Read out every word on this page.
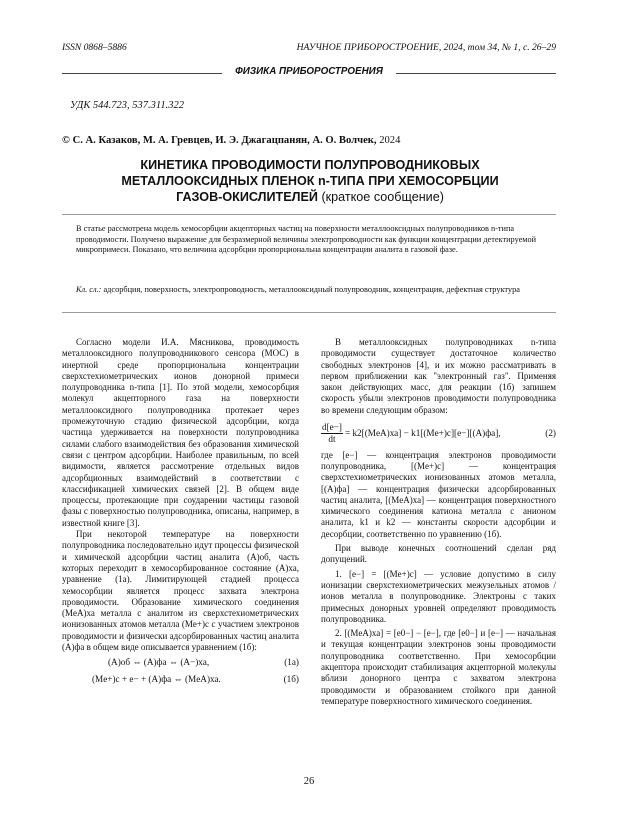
ISSN 0868–5886	НАУЧНОЕ ПРИБОРОСТРОЕНИЕ, 2024, том 34, № 1, с. 26–29
ФИЗИКА ПРИБОРОСТРОЕНИЯ
УДК 544.723, 537.311.322
© С. А. Казаков, М. А. Гревцев, И. Э. Джагацпанян, А. О. Волчек, 2024
КИНЕТИКА ПРОВОДИМОСТИ ПОЛУПРОВОДНИКОВЫХ
МЕТАЛЛООКСИДНЫХ ПЛЕНОК n-ТИПА ПРИ ХЕМОСОРБЦИИ
ГАЗОВ-ОКИСЛИТЕЛЕЙ (краткое сообщение)
В статье рассмотрена модель хемосорбции акцепторных частиц на поверхности металлооксидных полупроводников n-типа проводимости. Получено выражение для безразмерной величины электропроводности как функции концентрации детектируемой микропримеси. Показано, что величина адсорбции пропорциональна концентрации аналита в газовой фазе.
Кл. сл.: адсорбция, поверхность, электропроводность, металлооксидный полупроводник, концентрация, дефектная структура

Согласно модели И.А. Мясникова, проводимость металлооксидного полупроводникового сенсора (МОС) в инертной среде пропорциональна концентрации сверхстехиометрических ионов донорной примеси полупроводника n-типа [1]. По этой модели, хемосорбция молекул акцепторного газа на поверхности металлооксидного полупроводника протекает через промежуточную стадию физической адсорбции, когда частица удерживается на поверхности полупроводника силами слабого взаимодействия без образования химической связи с центром адсорбции. Наиболее правильным, по всей видимости, является рассмотрение отдельных видов адсорбционных взаимодействий в соответствии с классификацией химических связей [2]. В общем виде процессы, протекающие при соударении частицы газовой фазы с поверхностью полупроводника, описаны, например, в известной книге [3].

При некоторой температуре на поверхности полупроводника последовательно идут процессы физической и химической адсорбции частиц аналита (A)об, часть которых переходит в хемосорбированное состояние (A)ха, уравнение (1а). Лимитирующей стадией процесса хемосорбции является процесс захвата электрона проводимости. Образование химического соединения (MeA)ха металла с аналитом из сверхстехиометрических ионизованных атомов металла (Me+)с с участием электронов проводимости и физически адсорбированных частиц аналита (A)фа в общем виде описывается уравнением (1б):

(A)об ⇔ (A)фа ⇔ (A−)ха,	(1а)
(Me+)с + e− + (A)фа ⇔ (MeA)ха.	(1б)

В металлооксидных полупроводниках n-типа проводимости существует достаточное количество свободных электронов [4], и их можно рассматривать в первом приближении как "электронный газ". Применяя закон действующих масс, для реакции (1б) запишем скорость убыли электронов проводимости полупроводника во времени следующим образом:

$\frac{d[e-]}{dt} = k2[(MeA)ха] - k1[(Me+)с][e-][(A)фа]$,	(2)

где [e−] — концентрация электронов проводимости полупроводника, [(Me+)с] — концентрация сверхстехиометрических ионизованных атомов металла, [(A)фа] — концентрация физически адсорбированных частиц аналита, [(MeA)ха] — концентрация поверхностного химического соединения катиона металла с анионом аналита, k1 и k2 — константы скорости адсорбции и десорбции, соответственно по уравнению (1б).

При выводе конечных соотношений сделан ряд допущений.

1. [e−] = [(Me+)с] — условие допустимо в силу ионизации сверхстехиометрических межузельных атомов / ионов металла в полупроводнике. Электроны с таких примесных донорных уровней определяют проводимость полупроводника.

2. [(MeA)ха] = [e0−] − [e−], где [e0−] и [e−] — начальная и текущая концентрации электронов зоны проводимости полупроводника соответственно. При хемосорбции акцептора происходит стабилизация акцепторной молекулы вблизи донорного центра с захватом электрона проводимости и образованием стойкого при данной температуре поверхностного химического соединения.

26
